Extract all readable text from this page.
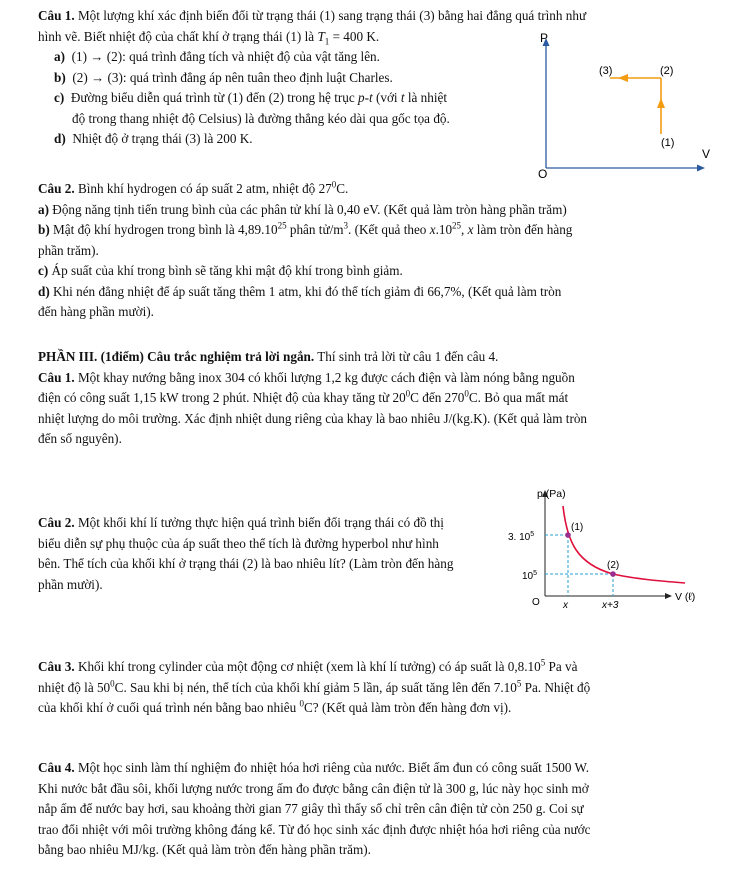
Câu 1. Một lượng khí xác định biến đổi từ trạng thái (1) sang trạng thái (3) bằng hai đẳng quá trình như

hình vẽ. Biết nhiệt độ của chất khí ở trạng thái (1) là $T_1 = 400$ K.

a) (1) → (2): quá trình đẳng tích và nhiệt độ của vật tăng lên.

b) (2) → (3): quá trình đẳng áp nên tuân theo định luật Charles.

c) Đường biểu diễn quá trình từ (1) đến (2) trong hệ trục p-t (với t là nhiệt

độ trong thang nhiệt độ Celsius) là đường thẳng kéo dài qua gốc tọa độ.

d) Nhiệt độ ở trạng thái (3) là 200 K.

P
V
O
(3)	(2)
(1)

Câu 2. Bình khí hydrogen có áp suất 2 atm, nhiệt độ $27^0C$.

a) Động năng tịnh tiến trung bình của các phân tử khí là 0,40 eV. (Kết quả làm tròn hàng phần trăm)

b) Mật độ khí hydrogen trong bình là 4,89.10$^{25}$ phân $tử/m^3$. (Kết quả theo $x.10^{25}$, x làm tròn đến hàng

phần trăm).

c) Áp suất của khí trong bình sẽ tăng khi mật độ khí trong bình giảm.

d) Khi nén đẳng nhiệt để áp suất tăng thêm 1 atm, khi đó thể tích giảm đi 66,7%, (Kết quả làm tròn

đến hàng phần mười).

PHẦN III. (1điểm) Câu trắc nghiệm trả lời ngắn. Thí sinh trả lời từ câu 1 đến câu 4.

Câu 1. Một khay nướng bằng inox 304 có khối lượng 1,2 kg được cách điện và làm nóng bằng nguồn

điện có công suất 1,15 kW trong 2 phút. Nhiệt độ của khay tăng từ $20^0C$ đến $270^0C$. Bỏ qua mất mát

nhiệt lượng do môi trường. Xác định nhiệt dung riêng của khay là bao nhiêu J/(kg.K). (Kết quả làm tròn

đến số nguyên).

Câu 2. Một khối khí lí tưởng thực hiện quá trình biến đổi trạng thái có đồ thị

biểu diễn sự phụ thuộc của áp suất theo thể tích là đường hyperbol như hình

bên. Thể tích của khối khí ở trạng thái (2) là bao nhiêu lít? (Làm tròn đến hàng

phần mười).

p (Pa)
V (ℓ)
O
3. $10^5$
$10^5$
x	x+3
(1)
(2)

Câu 3. Khối khí trong cylinder của một động cơ nhiệt (xem là khí lí tưởng) có áp suất là 0,8.10$^5$ Pa và

nhiệt độ là $50^0C$. Sau khi bị nén, thể tích của khối khí giảm 5 lần, áp suất tăng lên đến 7.10$^5$ Pa. Nhiệt độ

của khối khí ở cuối quá trình nén bằng bao nhiêu $^0$C? (Kết quả làm tròn đến hàng đơn vị).

Câu 4. Một học sinh làm thí nghiệm đo nhiệt hóa hơi riêng của nước. Biết ấm đun có công suất 1500 W.

Khi nước bắt đầu sôi, khối lượng nước trong ấm đo được bằng cân điện tử là 300 g, lúc này học sinh mở

nắp ấm để nước bay hơi, sau khoảng thời gian 77 giây thì thấy số chỉ trên cân điện tử còn 250 g. Coi sự

trao đổi nhiệt với môi trường không đáng kể. Từ đó học sinh xác định được nhiệt hóa hơi riêng của nước

bằng bao nhiêu MJ/kg. (Kết quả làm tròn đến hàng phần trăm).
